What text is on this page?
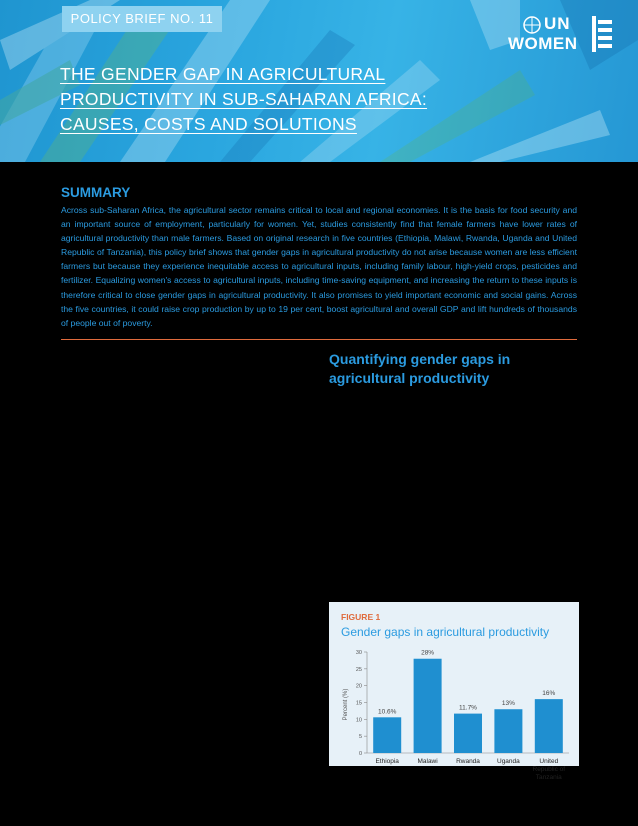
POLICY BRIEF NO. 11	UN
WOMEN
THE GENDER GAP IN AGRICULTURAL
PRODUCTIVITY IN SUB-SAHARAN AFRICA:
CAUSES, COSTS AND SOLUTIONS
SUMMARY

Across sub-Saharan Africa, the agricultural sector remains critical to local and regional economies. It is the basis for food security and an important source of employment, particularly for women. Yet, studies consistently find that female farmers have lower rates of agricultural productivity than male farmers. Based on original research in five countries (Ethiopia, Malawi, Rwanda, Uganda and United Republic of Tanzania), this policy brief shows that gender gaps in agricultural productivity do not arise because women are less efficient farmers but because they experience inequitable access to agricultural inputs, including family labour, high-yield crops, pesticides and fertilizer. Equalizing women's access to agricultural inputs, including time-saving equipment, and increasing the return to these inputs is therefore critical to close gender gaps in agricultural productivity. It also promises to yield important economic and social gains. Across the five countries, it could raise crop production by up to 19 per cent, boost agricultural and overall GDP and lift hundreds of thousands of people out of poverty.

Quantifying gender gaps in agricultural productivity
FIGURE 1
Gender gaps in agricultural productivity
0
5
10
15
20
25
30
Percent (%)	10.6%
Ethiopia
28%
Malawi
11.7%
Rwanda
13%
Uganda
16%
United Republic of Tanzania
